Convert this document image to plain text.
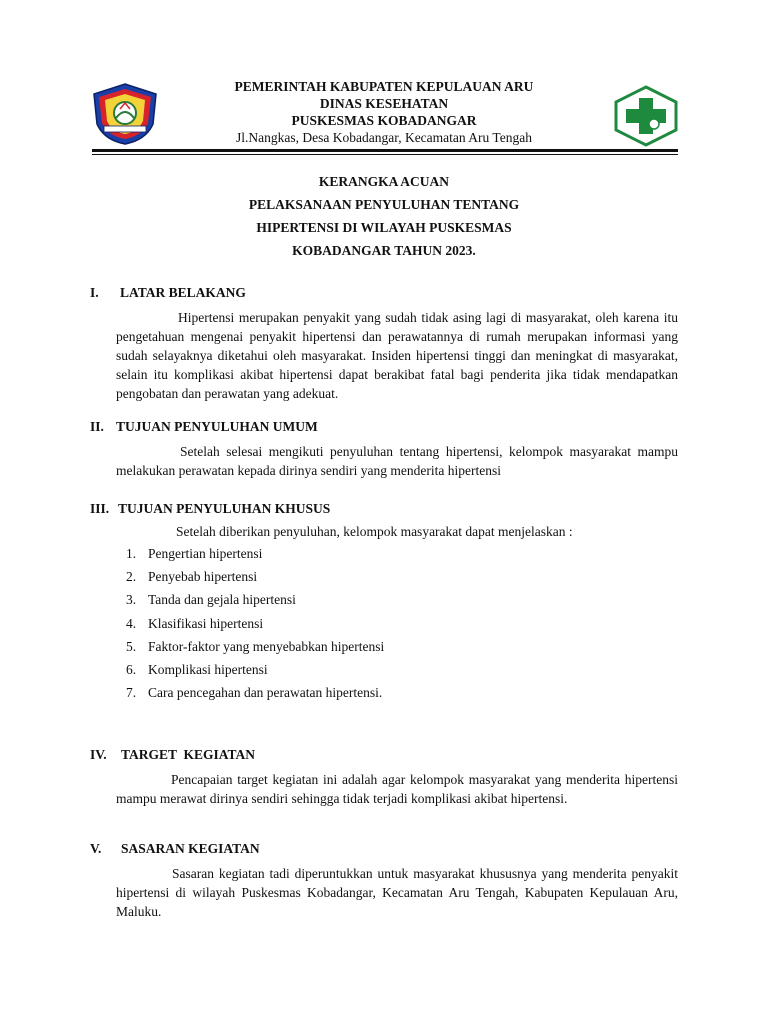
PEMERINTAH KABUPATEN KEPULAUAN ARU
DINAS KESEHATAN
PUSKESMAS KOBADANGAR
Jl.Nangkas, Desa Kobadangar, Kecamatan Aru Tengah
KERANGKA ACUAN
PELAKSANAAN PENYULUHAN TENTANG
HIPERTENSI DI WILAYAH PUSKESMAS
KOBADANGAR TAHUN 2023.
I. LATAR BELAKANG
Hipertensi merupakan penyakit yang sudah tidak asing lagi di masyarakat, oleh karena itu pengetahuan mengenai penyakit hipertensi dan perawatannya di rumah merupakan informasi yang sudah selayaknya diketahui oleh masyarakat. Insiden hipertensi tinggi dan meningkat di masyarakat, selain itu komplikasi akibat hipertensi dapat berakibat fatal bagi penderita jika tidak mendapatkan pengobatan dan perawatan yang adekuat.
II. TUJUAN PENYULUHAN UMUM
Setelah selesai mengikuti penyuluhan tentang hipertensi, kelompok masyarakat mampu melakukan perawatan kepada dirinya sendiri yang menderita hipertensi
III. TUJUAN PENYULUHAN KHUSUS
Setelah diberikan penyuluhan, kelompok masyarakat dapat menjelaskan :
1. Pengertian hipertensi
2. Penyebab hipertensi
3. Tanda dan gejala hipertensi
4. Klasifikasi hipertensi
5. Faktor-faktor yang menyebabkan hipertensi
6. Komplikasi hipertensi
7. Cara pencegahan dan perawatan hipertensi.
IV. TARGET  KEGIATAN
Pencapaian target kegiatan ini adalah agar kelompok masyarakat yang menderita hipertensi mampu merawat dirinya sendiri sehingga tidak terjadi komplikasi akibat hipertensi.
V. SASARAN KEGIATAN
Sasaran kegiatan tadi diperuntukkan untuk masyarakat khususnya yang menderita penyakit hipertensi di wilayah Puskesmas Kobadangar, Kecamatan Aru Tengah, Kabupaten Kepulauan Aru, Maluku.
